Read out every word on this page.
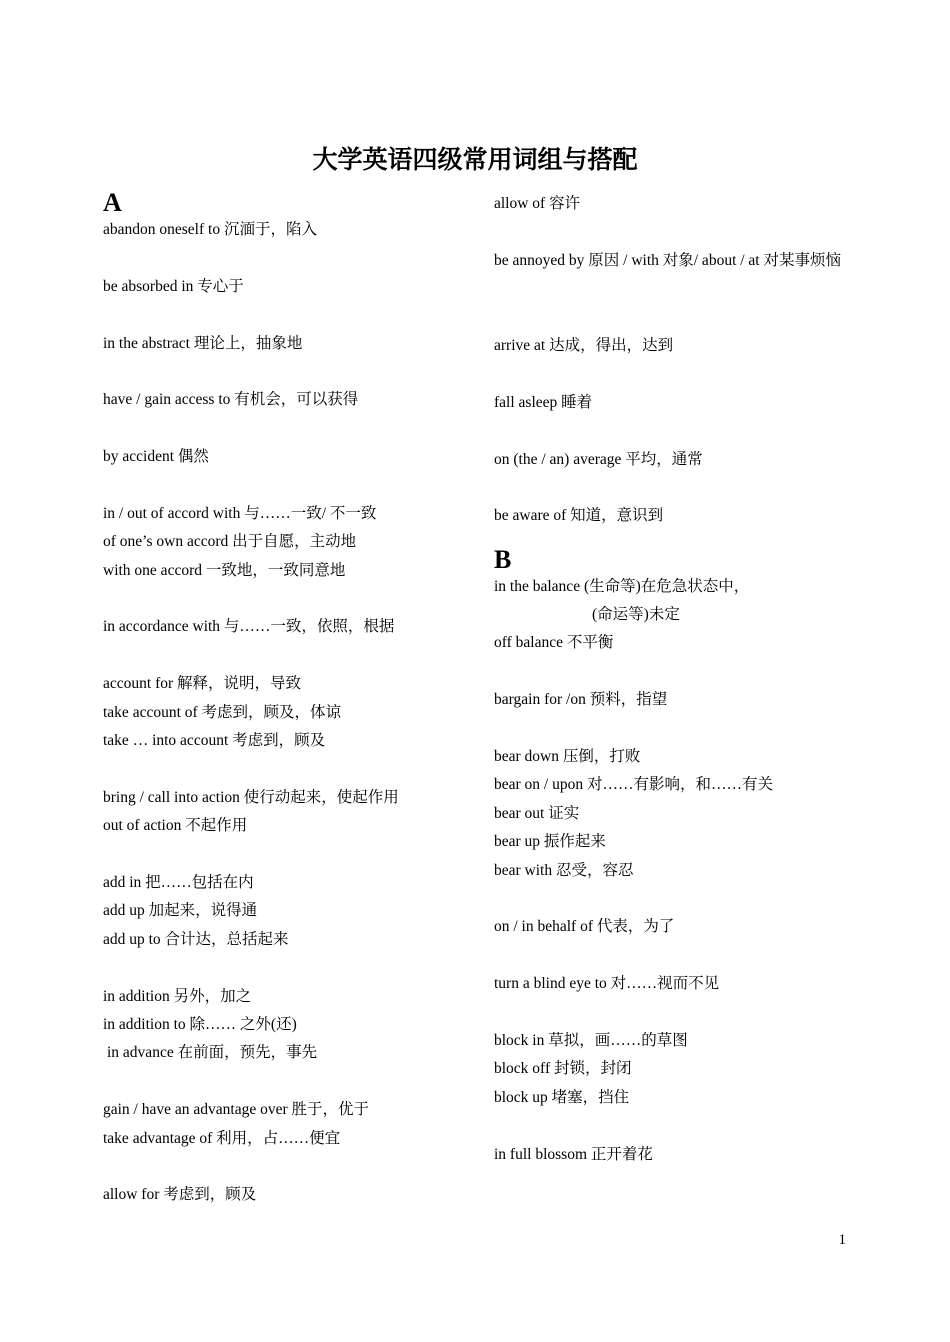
大学英语四级常用词组与搭配
A
abandon oneself to 沉湎于，陷入
be absorbed in 专心于
in the abstract 理论上，抽象地
have / gain access to 有机会，可以获得
by accident 偶然
in / out of accord with 与……一致/ 不一致
of one’s own accord 出于自愿，主动地
with one accord 一致地，一致同意地
in accordance with 与……一致，依照，根据
account for 解释，说明，导致
take account of 考虑到，顾及，体谅
take … into account 考虑到，顾及
bring / call into action 使行动起来，使起作用
out of action 不起作用
add in 把……包括在内
add up 加起来，说得通
add up to 合计达，总括起来
in addition 另外，加之
in addition to 除…… 之外(还)
in advance 在前面，预先，事先
gain / have an advantage over 胜于，优于
take advantage of 利用，占……便宜
allow for 考虑到，顾及
allow of 容许
be annoyed by 原因 / with 对象/ about / at 对某事烦恼
arrive at 达成，得出，达到
fall asleep 睡着
on (the / an) average 平均，通常
be aware of 知道，意识到
B
in the balance (生命等)在危急状态中，
(命运等)未定
off balance 不平衡
bargain for /on 预料，指望
bear down 压倒，打败
bear on / upon 对……有影响，和……有关
bear out 证实
bear up 振作起来
bear with 忍受，容忍
on / in behalf of 代表，为了
turn a blind eye to 对……视而不见
block in 草拟，画……的草图
block off 封锁，封闭
block up 堵塞，挡住
in full blossom 正开着花
1
